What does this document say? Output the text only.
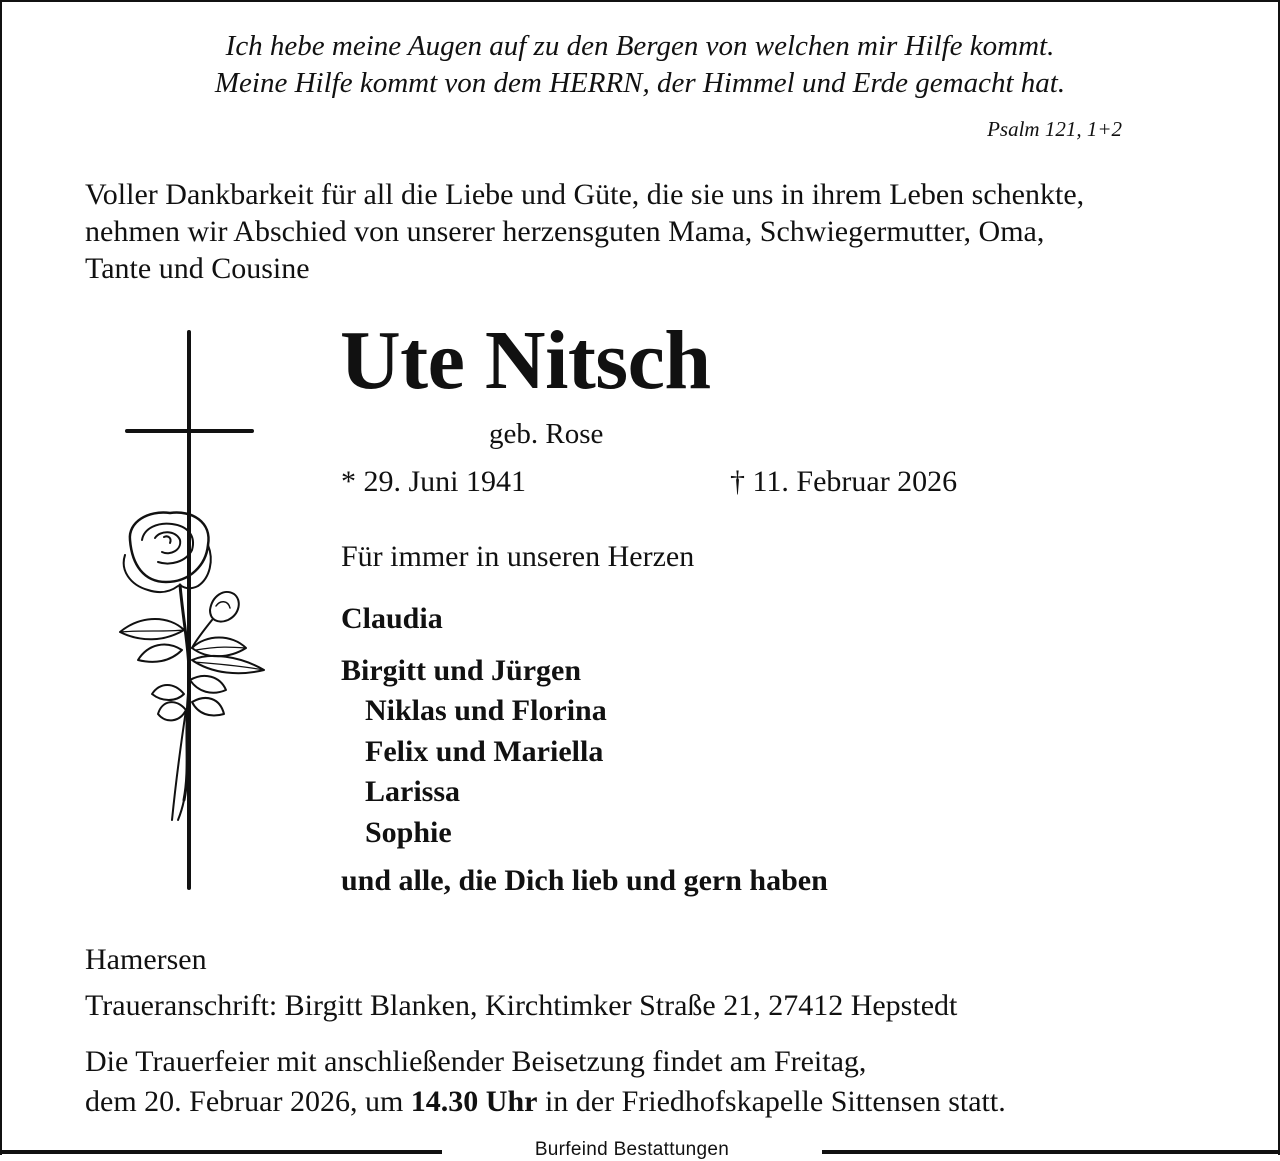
Ich hebe meine Augen auf zu den Bergen von welchen mir Hilfe kommt.
Meine Hilfe kommt von dem HERRN, der Himmel und Erde gemacht hat.
Psalm 121, 1+2
Voller Dankbarkeit für all die Liebe und Güte, die sie uns in ihrem Leben schenkte,
nehmen wir Abschied von unserer herzensguten Mama, Schwiegermutter, Oma,
Tante und Cousine
Ute Nitsch
geb. Rose
* 29. Juni 1941	† 11. Februar 2026
Für immer in unseren Herzen
Claudia
Birgitt und Jürgen
Niklas und Florina
Felix und Mariella
Larissa
Sophie
und alle, die Dich lieb und gern haben
Hamersen
Traueranschrift: Birgitt Blanken, Kirchtimker Straße 21, 27412 Hepstedt
Die Trauerfeier mit anschließender Beisetzung findet am Freitag,
dem 20. Februar 2026, um 14.30 Uhr in der Friedhofskapelle Sittensen statt.
Burfeind Bestattungen
